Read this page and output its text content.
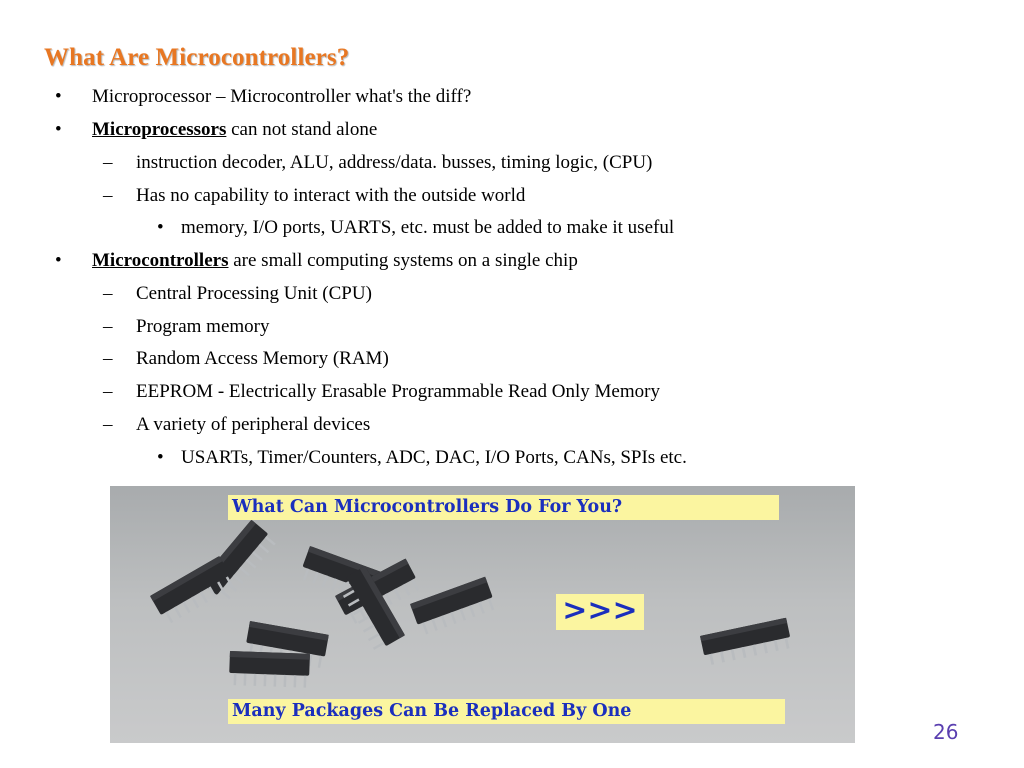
What Are Microcontrollers?
• Microprocessor – Microcontroller what's the diff?
• Microprocessors can not stand alone
– instruction decoder, ALU, address/data. busses, timing logic, (CPU)
– Has no capability to interact with the outside world
• memory, I/O ports, UARTS, etc. must be added to make it useful
• Microcontrollers are small computing systems on a single chip
– Central Processing Unit (CPU)
– Program memory
– Random Access Memory (RAM)
– EEPROM - Electrically Erasable Programmable Read Only Memory
– A variety of peripheral devices
• USARTs, Timer/Counters, ADC, DAC, I/O Ports, CANs, SPIs etc.
What Can Microcontrollers Do For You?
>>>
Many Packages Can Be Replaced By One
26
